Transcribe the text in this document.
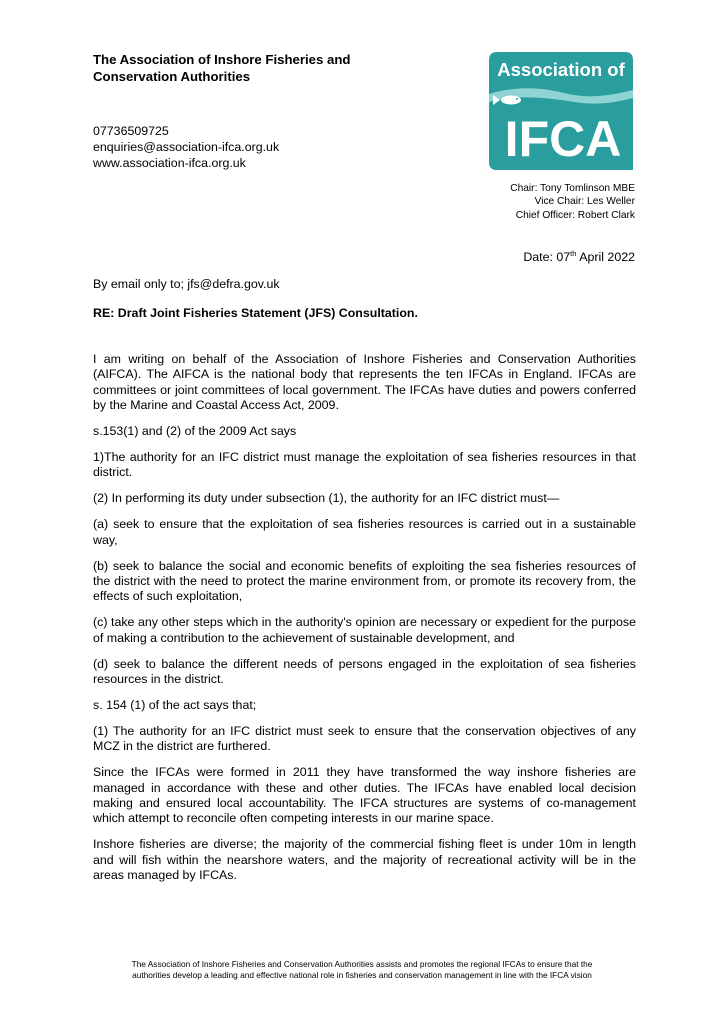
The Association of Inshore Fisheries and
Conservation Authorities
07736509725
enquiries@association-ifca.org.uk
www.association-ifca.org.uk
Association of
IFCA
Chair: Tony Tomlinson MBE
Vice Chair: Les Weller
Chief Officer: Robert Clark
Date: 07th April 2022
By email only to; jfs@defra.gov.uk
RE: Draft Joint Fisheries Statement (JFS) Consultation.

I am writing on behalf of the Association of Inshore Fisheries and Conservation Authorities (AIFCA). The AIFCA is the national body that represents the ten IFCAs in England. IFCAs are committees or joint committees of local government. The IFCAs have duties and powers conferred by the Marine and Coastal Access Act, 2009.

s.153(1) and (2) of the 2009 Act says

1)The authority for an IFC district must manage the exploitation of sea fisheries resources in that district.

(2) In performing its duty under subsection (1), the authority for an IFC district must—

(a) seek to ensure that the exploitation of sea fisheries resources is carried out in a sustainable way,

(b) seek to balance the social and economic benefits of exploiting the sea fisheries resources of the district with the need to protect the marine environment from, or promote its recovery from, the effects of such exploitation,

(c) take any other steps which in the authority's opinion are necessary or expedient for the purpose of making a contribution to the achievement of sustainable development, and

(d) seek to balance the different needs of persons engaged in the exploitation of sea fisheries resources in the district.

s. 154 (1) of the act says that;

(1) The authority for an IFC district must seek to ensure that the conservation objectives of any MCZ in the district are furthered.

Since the IFCAs were formed in 2011 they have transformed the way inshore fisheries are managed in accordance with these and other duties. The IFCAs have enabled local decision making and ensured local accountability. The IFCA structures are systems of co-management which attempt to reconcile often competing interests in our marine space.

Inshore fisheries are diverse; the majority of the commercial fishing fleet is under 10m in length and will fish within the nearshore waters, and the majority of recreational activity will be in the areas managed by IFCAs.

The Association of Inshore Fisheries and Conservation Authorities assists and promotes the regional IFCAs to ensure that the
authorities develop a leading and effective national role in fisheries and conservation management in line with the IFCA vision
